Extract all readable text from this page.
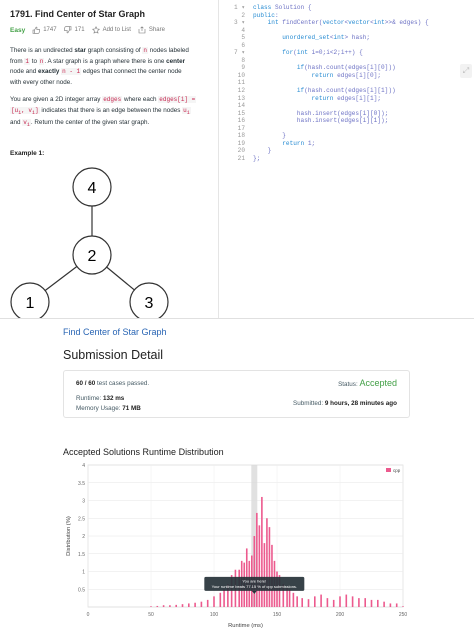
1791. Find Center of Star Graph
Easy	1747	171	Add to List	Share
There is an undirected star graph consisting of n nodes labeled
from 1 to n. A star graph is a graph where there is one center
node and exactly n - 1 edges that connect the center node
with every other node.
You are given a 2D integer array edges where each edges[i] =
[$u_i$, $v_i$] indicates that there is an edge between the nodes $u_i$
and $v_i$. Return the center of the given star graph.
Example 1:
4
2
1	3
1 ▾
2
3 ▾
4
5
6
7 ▾
8
9
10
11
12
13
14
15
16
17
18
19
20
21
class Solution {
public:
int findCenter(vector<vector<int>>& edges) {
unordered_set<int> hash;
for(int i=0;i<2;i++) {
if(hash.count(edges[i][0]))
return edges[i][0];
if(hash.count(edges[i][1]))
return edges[i][1];
hash.insert(edges[i][0]);
hash.insert(edges[i][1]);
}
return 1;
}
};
⤢
Find Center of Star Graph
Submission Detail
60 / 60 test cases passed.	Status: Accepted
Runtime: 132 ms
Memory Usage: 71 MB
Submitted: 9 hours, 28 minutes ago
Accepted Solutions Runtime Distribution
0.5
1
1.5
2
2.5
3
3.5
4
0	50	100	150	200	250
cpp
You are here!
Your runtime beats 77.15 % of cpp submissions.
Runtime (ms)
Distribution (%)
